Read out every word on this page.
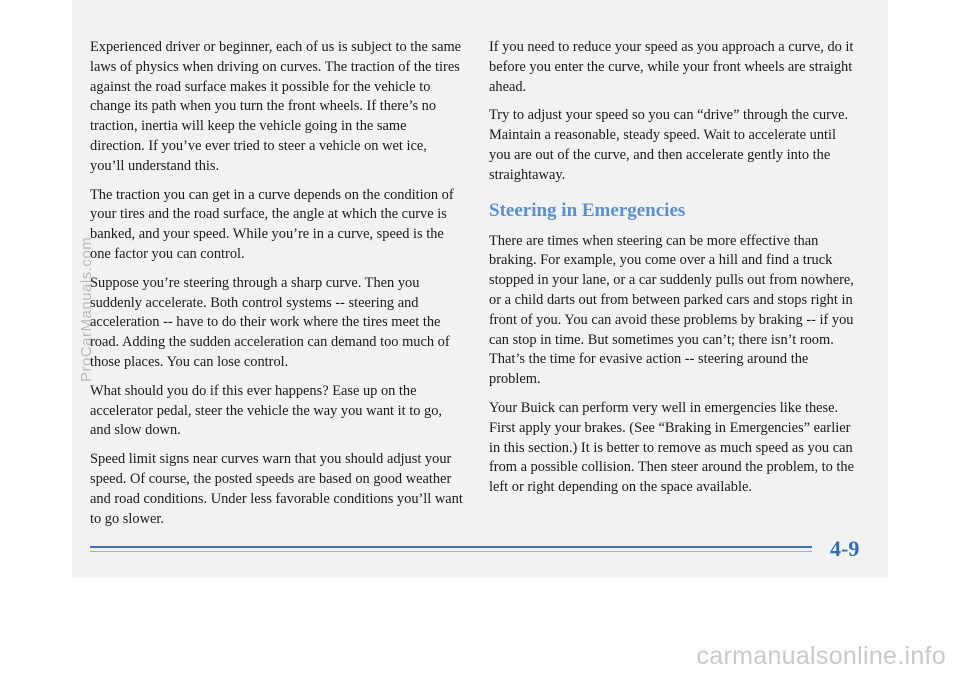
Experienced driver or beginner, each of us is subject to the same laws of physics when driving on curves. The traction of the tires against the road surface makes it possible for the vehicle to change its path when you turn the front wheels. If there’s no traction, inertia will keep the vehicle going in the same direction. If you’ve ever tried to steer a vehicle on wet ice, you’ll understand this.

The traction you can get in a curve depends on the condition of your tires and the road surface, the angle at which the curve is banked, and your speed. While you’re in a curve, speed is the one factor you can control.

Suppose you’re steering through a sharp curve. Then you suddenly accelerate. Both control systems -- steering and acceleration -- have to do their work where the tires meet the road. Adding the sudden acceleration can demand too much of those places. You can lose control.

What should you do if this ever happens? Ease up on the accelerator pedal, steer the vehicle the way you want it to go, and slow down.

Speed limit signs near curves warn that you should adjust your speed. Of course, the posted speeds are based on good weather and road conditions. Under less favorable conditions you’ll want to go slower.

If you need to reduce your speed as you approach a curve, do it before you enter the curve, while your front wheels are straight ahead.

Try to adjust your speed so you can “drive” through the curve. Maintain a reasonable, steady speed. Wait to accelerate until you are out of the curve, and then accelerate gently into the straightaway.

Steering in Emergencies

There are times when steering can be more effective than braking. For example, you come over a hill and find a truck stopped in your lane, or a car suddenly pulls out from nowhere, or a child darts out from between parked cars and stops right in front of you. You can avoid these problems by braking -- if you can stop in time. But sometimes you can’t; there isn’t room. That’s the time for evasive action -- steering around the problem.

Your Buick can perform very well in emergencies like these. First apply your brakes. (See “Braking in Emergencies” earlier in this section.) It is better to remove as much speed as you can from a possible collision. Then steer around the problem, to the left or right depending on the space available.

4-9
ProCarManuals.com
carmanualsonline.info
